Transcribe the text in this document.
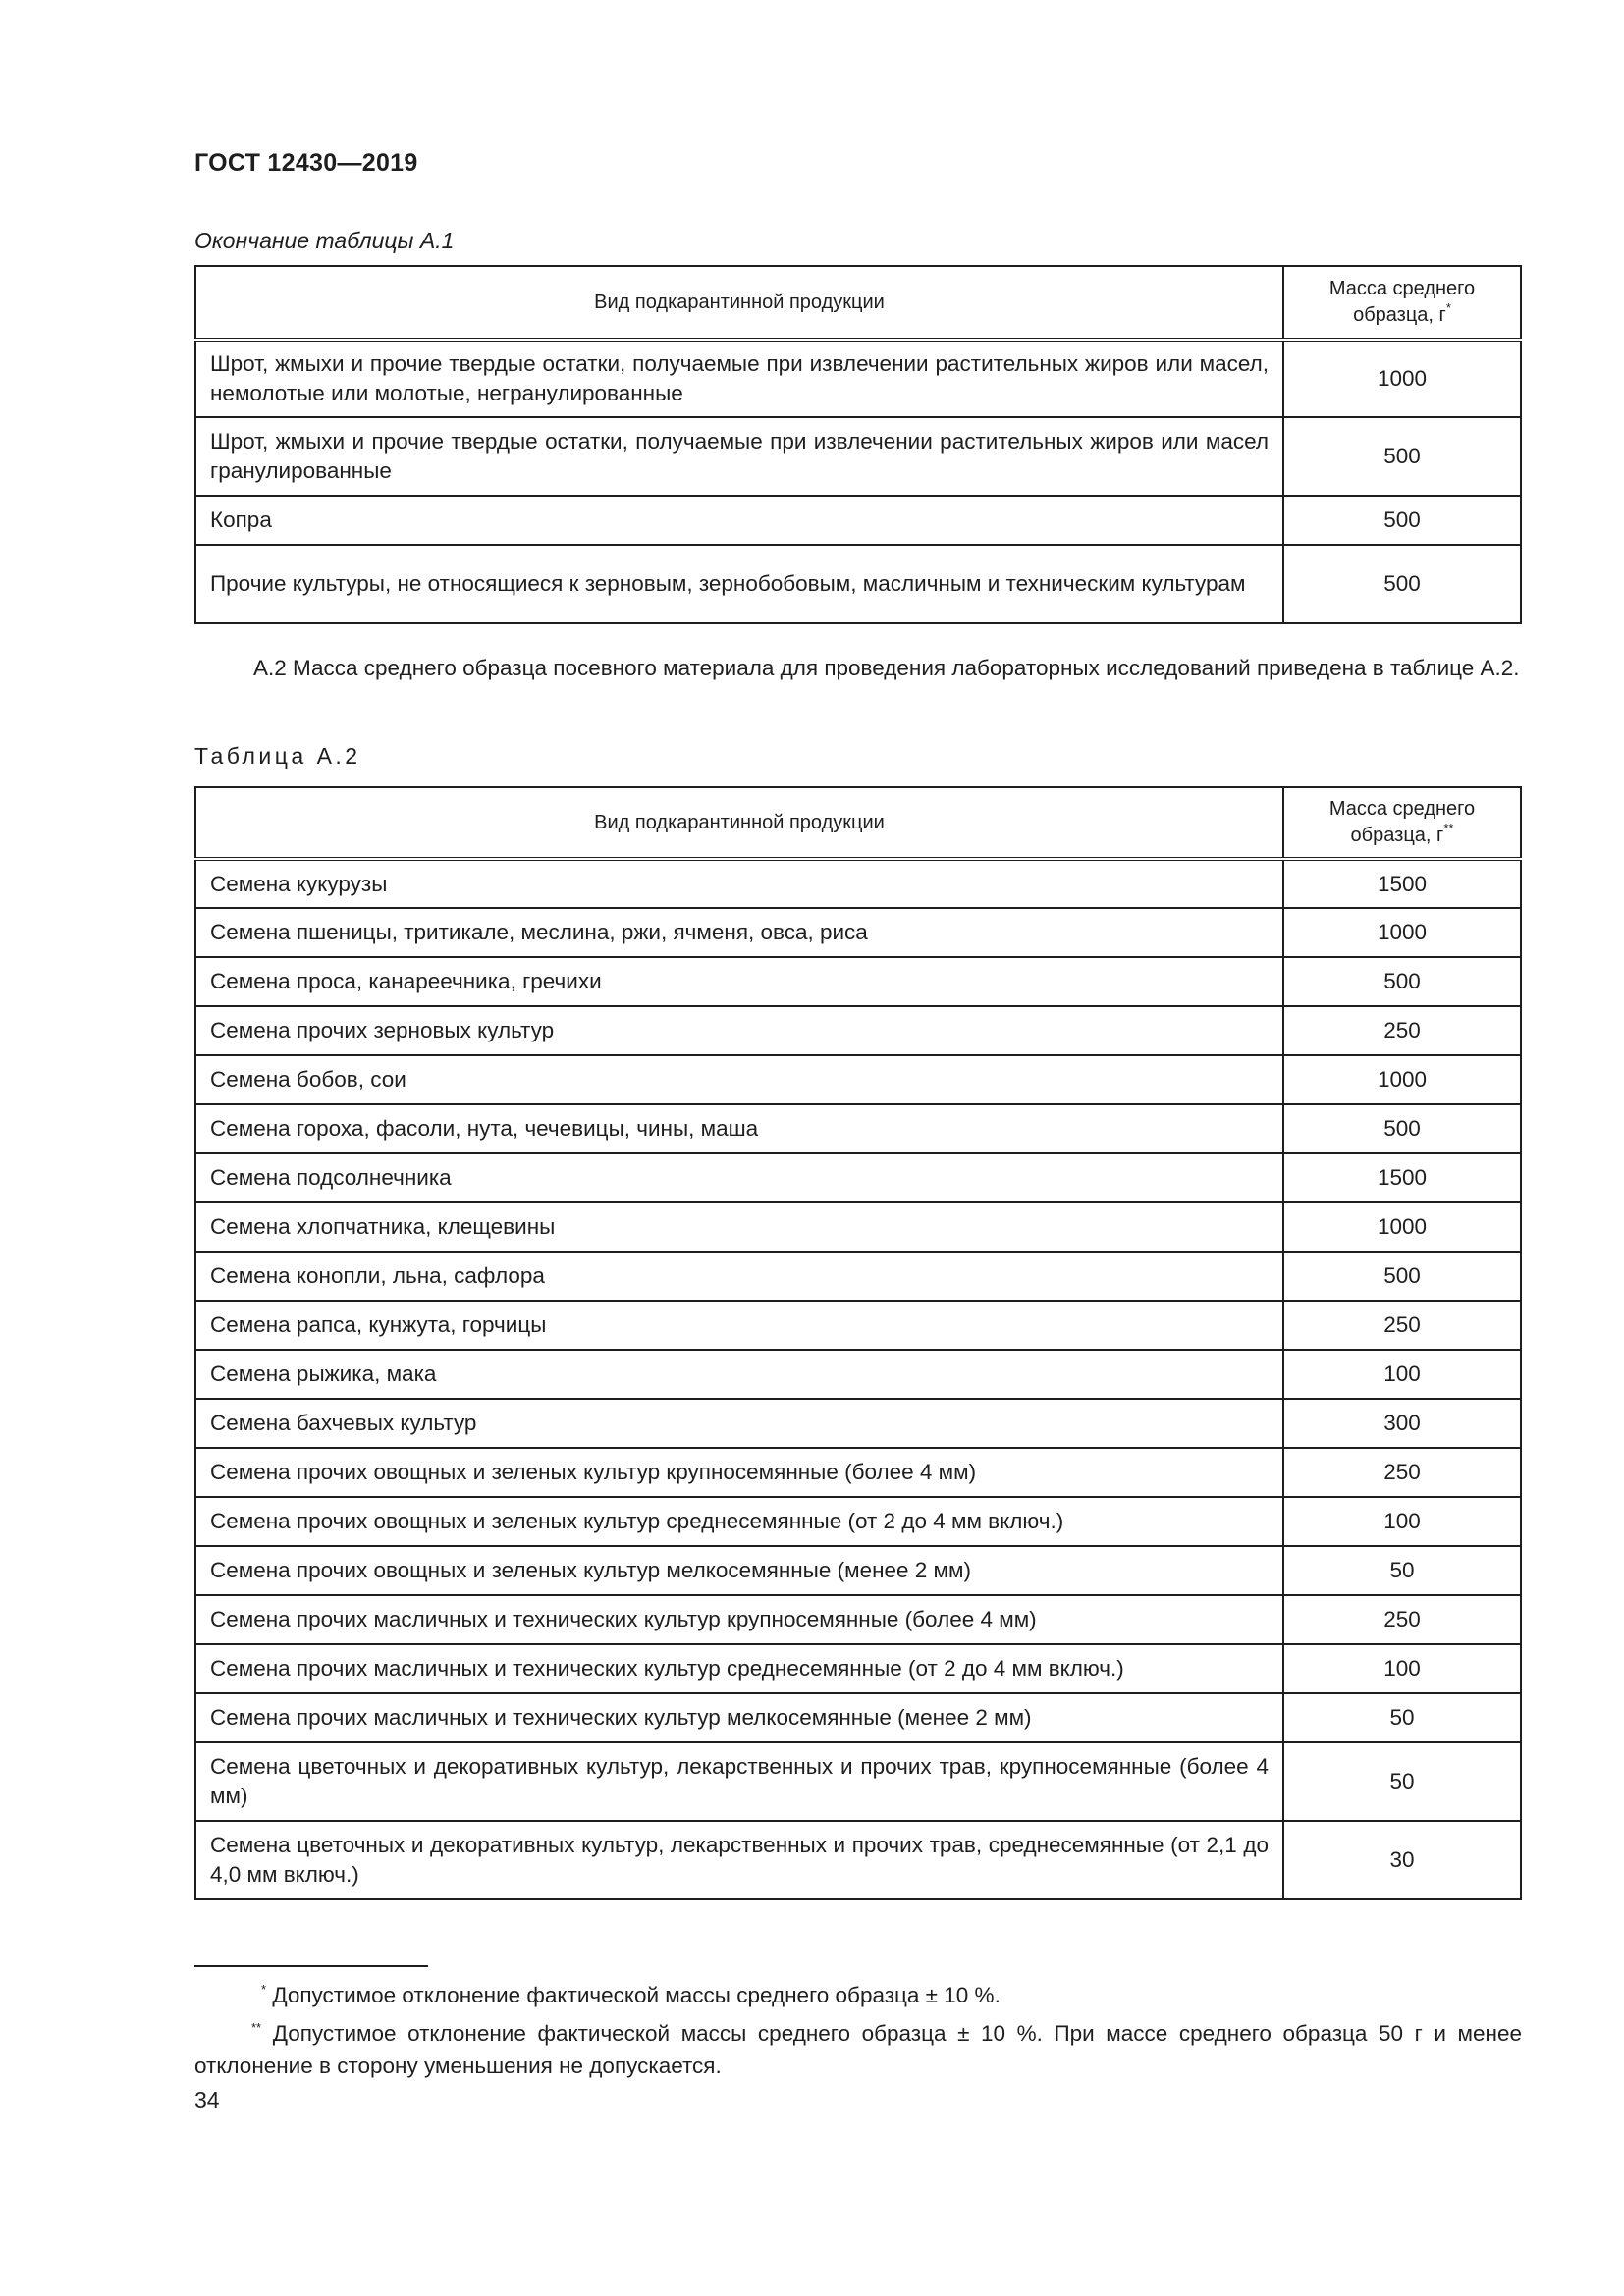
ГОСТ 12430—2019
Окончание таблицы А.1
Вид подкарантинной продукции	Масса среднего
образца, г*
Шрот, жмыхи и прочие твердые остатки, получаемые при извлечении растительных жиров или масел, немолотые или молотые, негранулированные	1000
Шрот, жмыхи и прочие твердые остатки, получаемые при извлечении растительных жиров или масел гранулированные	500
Копра	500
Прочие культуры, не относящиеся к зерновым, зернобобовым, масличным и техническим культурам	500
А.2 Масса среднего образца посевного материала для проведения лабораторных исследований приведена в таблице А.2.
Таблица А.2
Вид подкарантинной продукции	Масса среднего
образца, г**
Семена кукурузы	1500
Семена пшеницы, тритикале, меслина, ржи, ячменя, овса, риса	1000
Семена проса, канареечника, гречихи	500
Семена прочих зерновых культур	250
Семена бобов, сои	1000
Семена гороха, фасоли, нута, чечевицы, чины, маша	500
Семена подсолнечника	1500
Семена хлопчатника, клещевины	1000
Семена конопли, льна, сафлора	500
Семена рапса, кунжута, горчицы	250
Семена рыжика, мака	100
Семена бахчевых культур	300
Семена прочих овощных и зеленых культур крупносемянные (более 4 мм)	250
Семена прочих овощных и зеленых культур среднесемянные (от 2 до 4 мм включ.)	100
Семена прочих овощных и зеленых культур мелкосемянные (менее 2 мм)	50
Семена прочих масличных и технических культур крупносемянные (более 4 мм)	250
Семена прочих масличных и технических культур среднесемянные (от 2 до 4 мм включ.)	100
Семена прочих масличных и технических культур мелкосемянные (менее 2 мм)	50
Семена цветочных и декоративных культур, лекарственных и прочих трав, крупносемянные (более 4 мм)	50
Семена цветочных и декоративных культур, лекарственных и прочих трав, среднесемянные (от 2,1 до 4,0 мм включ.)	30
* Допустимое отклонение фактической массы среднего образца ± 10 %.
** Допустимое отклонение фактической массы среднего образца ± 10 %. При массе среднего образца 50 г и менее отклонение в сторону уменьшения не допускается.
34
